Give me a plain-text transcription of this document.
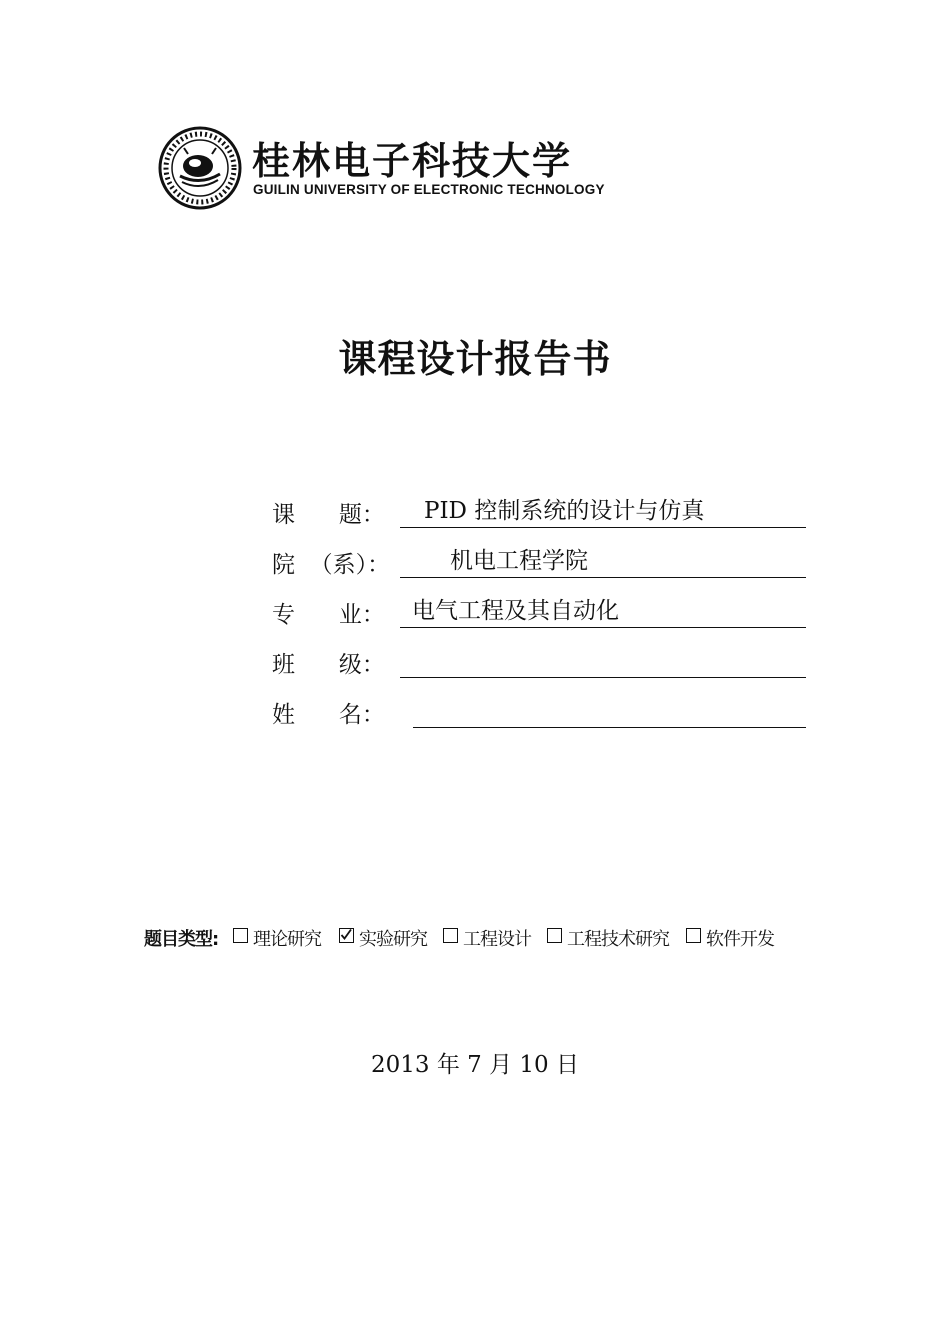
桂林电子科技大学
GUILIN UNIVERSITY OF ELECTRONIC TECHNOLOGY
课程设计报告书
课      题： PID 控制系统的设计与仿真
院  （系）：	机电工程学院
专      业： 电气工程及其自动化
班      级：
姓      名：
题目类型: 理论研究 实验研究 工程设计 工程技术研究 软件开发
2013 年 7 月 10 日
